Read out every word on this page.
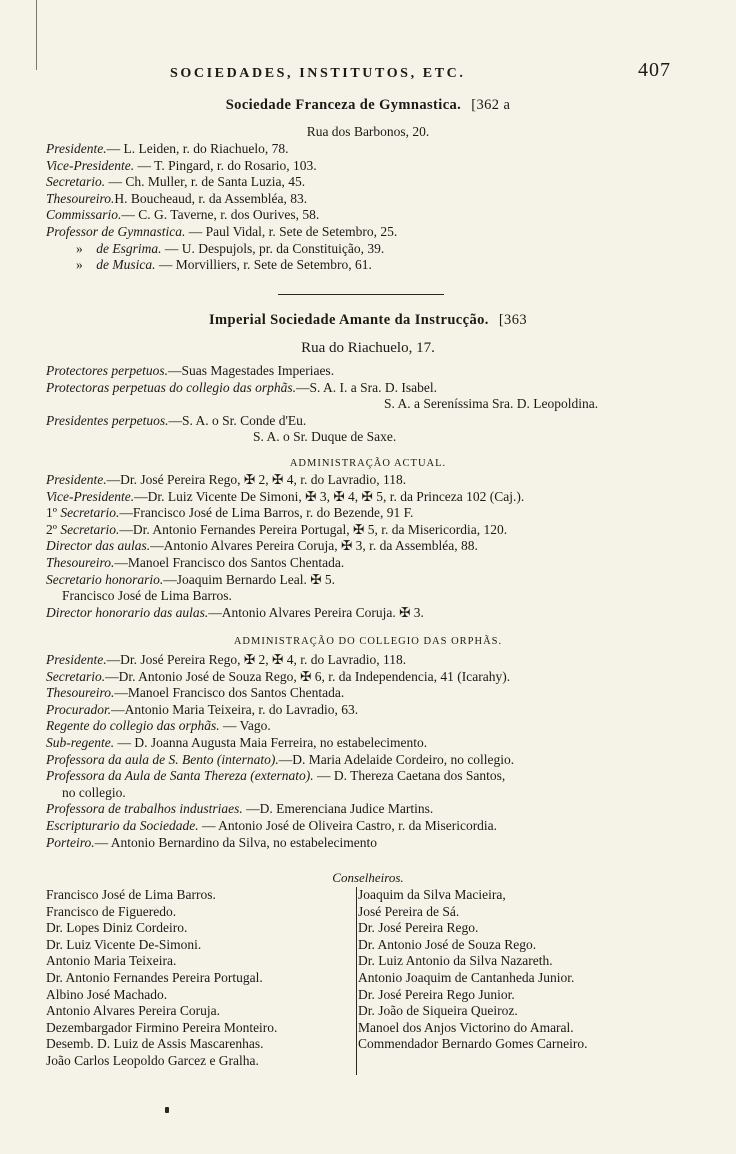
SOCIEDADES, INSTITUTOS, ETC.	407
Sociedade Franceza de Gymnastica. [362 a
Rua dos Barbonos, 20.
Presidente.— L. Leiden, r. do Riachuelo, 78.
Vice-Presidente. — T. Pingard, r. do Rosario, 103.
Secretario. — Ch. Muller, r. de Santa Luzia, 45.
Thesoureiro.H. Boucheaud, r. da Assembléa, 83.
Commissario.— C. G. Taverne, r. dos Ourives, 58.
Professor de Gymnastica. — Paul Vidal, r. Sete de Setembro, 25.
» de Esgrima. — U. Despujols, pr. da Constituição, 39.
» de Musica. — Morvilliers, r. Sete de Setembro, 61.
Imperial Sociedade Amante da Instrucção. [363
Rua do Riachuelo, 17.
Protectores perpetuos.—Suas Magestades Imperiaes.
Protectoras perpetuas do collegio das orphãs.—S. A. I. a Sra. D. Isabel.
S. A. a Sereníssima Sra. D. Leopoldina.
Presidentes perpetuos.—S. A. o Sr. Conde d'Eu.
S. A. o Sr. Duque de Saxe.
ADMINISTRAÇÃO ACTUAL.
Presidente.—Dr. José Pereira Rego, ✠ 2, ✠ 4, r. do Lavradio, 118.
Vice-Presidente.—Dr. Luiz Vicente De Simoni, ✠ 3, ✠ 4, ✠ 5, r. da Princeza 102 (Caj.).
1º Secretario.—Francisco José de Lima Barros, r. do Bezende, 91 F.
2º Secretario.—Dr. Antonio Fernandes Pereira Portugal, ✠ 5, r. da Misericordia, 120.
Director das aulas.—Antonio Alvares Pereira Coruja, ✠ 3, r. da Assembléa, 88.
Thesoureiro.—Manoel Francisco dos Santos Chentada.
Secretario honorario.—Joaquim Bernardo Leal. ✠ 5.
Francisco José de Lima Barros.
Director honorario das aulas.—Antonio Alvares Pereira Coruja. ✠ 3.
ADMINISTRAÇÃO DO COLLEGIO DAS ORPHÃS.
Presidente.—Dr. José Pereira Rego, ✠ 2, ✠ 4, r. do Lavradio, 118.
Secretario.—Dr. Antonio José de Souza Rego, ✠ 6, r. da Independencia, 41 (Icarahy).
Thesoureiro.—Manoel Francisco dos Santos Chentada.
Procurador.—Antonio Maria Teixeira, r. do Lavradio, 63.
Regente do collegio das orphãs. — Vago.
Sub-regente. — D. Joanna Augusta Maia Ferreira, no estabelecimento.
Professora da aula de S. Bento (internato).—D. Maria Adelaide Cordeiro, no collegio.
Professora da Aula de Santa Thereza (externato). — D. Thereza Caetana dos Santos,
no collegio.
Professora de trabalhos industriaes. —D. Emerenciana Judice Martins.
Escripturario da Sociedade. — Antonio José de Oliveira Castro, r. da Misericordia.
Porteiro.— Antonio Bernardino da Silva, no estabelecimento
Conselheiros.
Francisco José de Lima Barros.
Francisco de Figueredo.
Dr. Lopes Diniz Cordeiro.
Dr. Luiz Vicente De-Simoni.
Antonio Maria Teixeira.
Dr. Antonio Fernandes Pereira Portugal.
Albino José Machado.
Antonio Alvares Pereira Coruja.
Dezembargador Firmino Pereira Monteiro.
Desemb. D. Luiz de Assis Mascarenhas.
João Carlos Leopoldo Garcez e Gralha.
Joaquim da Silva Macieira,
José Pereira de Sá.
Dr. José Pereira Rego.
Dr. Antonio José de Souza Rego.
Dr. Luiz Antonio da Silva Nazareth.
Antonio Joaquim de Cantanheda Junior.
Dr. José Pereira Rego Junior.
Dr. João de Siqueira Queiroz.
Manoel dos Anjos Victorino do Amaral.
Commendador Bernardo Gomes Carneiro.
